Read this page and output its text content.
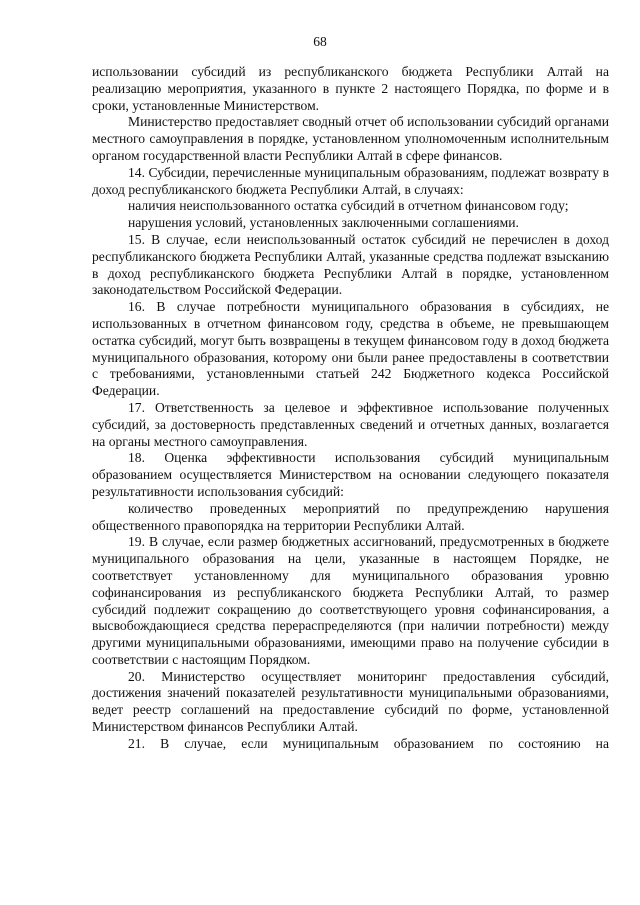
68

использовании субсидий из республиканского бюджета Республики Алтай на реализацию мероприятия, указанного в пункте 2 настоящего Порядка, по форме и в сроки, установленные Министерством.

Министерство предоставляет сводный отчет об использовании субсидий органами местного самоуправления в порядке, установленном уполномоченным исполнительным органом государственной власти Республики Алтай в сфере финансов.

14. Субсидии, перечисленные муниципальным образованиям, подлежат возврату в доход республиканского бюджета Республики Алтай, в случаях:

наличия неиспользованного остатка субсидий в отчетном финансовом году;

нарушения условий, установленных заключенными соглашениями.

15. В случае, если неиспользованный остаток субсидий не перечислен в доход республиканского бюджета Республики Алтай, указанные средства подлежат взысканию в доход республиканского бюджета Республики Алтай в порядке, установленном законодательством Российской Федерации.

16. В случае потребности муниципального образования в субсидиях, не использованных в отчетном финансовом году, средства в объеме, не превышающем остатка субсидий, могут быть возвращены в текущем финансовом году в доход бюджета муниципального образования, которому они были ранее предоставлены в соответствии с требованиями, установленными статьей 242 Бюджетного кодекса Российской Федерации.

17. Ответственность за целевое и эффективное использование полученных субсидий, за достоверность представленных сведений и отчетных данных, возлагается на органы местного самоуправления.

18. Оценка эффективности использования субсидий муниципальным образованием осуществляется Министерством на основании следующего показателя результативности использования субсидий:

количество проведенных мероприятий по предупреждению нарушения общественного правопорядка на территории Республики Алтай.

19. В случае, если размер бюджетных ассигнований, предусмотренных в бюджете муниципального образования на цели, указанные в настоящем Порядке, не соответствует установленному для муниципального образования уровню софинансирования из республиканского бюджета Республики Алтай, то размер субсидий подлежит сокращению до соответствующего уровня софинансирования, а высвобождающиеся средства перераспределяются (при наличии потребности) между другими муниципальными образованиями, имеющими право на получение субсидии в соответствии с настоящим Порядком.

20. Министерство осуществляет мониторинг предоставления субсидий, достижения значений показателей результативности муниципальными образованиями, ведет реестр соглашений на предоставление субсидий по форме, установленной Министерством финансов Республики Алтай.

21. В случае, если муниципальным образованием по состоянию на
